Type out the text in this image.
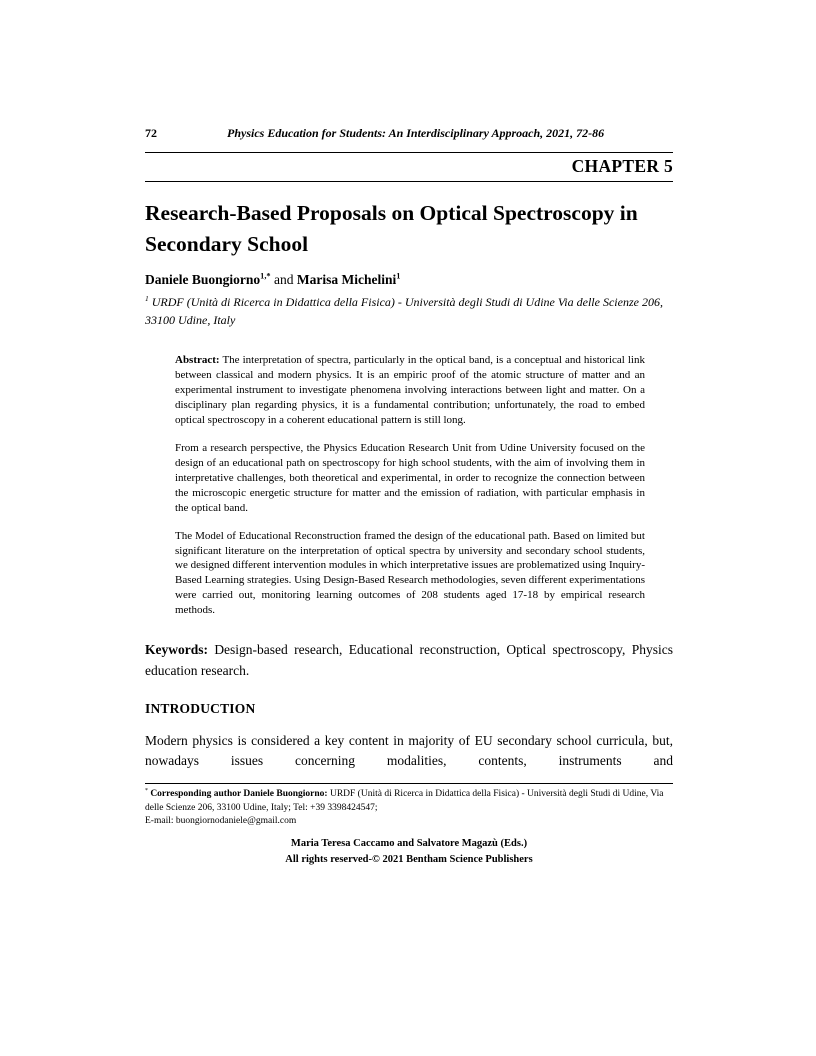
72	Physics Education for Students: An Interdisciplinary Approach, 2021, 72-86
CHAPTER 5
Research-Based Proposals on Optical Spectroscopy in Secondary School
Daniele Buongiorno$^{1,*}$ and Marisa Michelini$^1$

$^1$ URDF (Unità di Ricerca in Didattica della Fisica) - Università degli Studi di Udine Via delle Scienze 206, 33100 Udine, Italy

Abstract: The interpretation of spectra, particularly in the optical band, is a conceptual and historical link between classical and modern physics. It is an empiric proof of the atomic structure of matter and an experimental instrument to investigate phenomena involving interactions between light and matter. On a disciplinary plan regarding physics, it is a fundamental contribution; unfortunately, the road to embed optical spectroscopy in a coherent educational pattern is still long.

From a research perspective, the Physics Education Research Unit from Udine University focused on the design of an educational path on spectroscopy for high school students, with the aim of involving them in interpretative challenges, both theoretical and experimental, in order to recognize the connection between the microscopic energetic structure for matter and the emission of radiation, with particular emphasis in the optical band.

The Model of Educational Reconstruction framed the design of the educational path. Based on limited but significant literature on the interpretation of optical spectra by university and secondary school students, we designed different intervention modules in which interpretative issues are problematized using Inquiry-Based Learning strategies. Using Design-Based Research methodologies, seven different experimentations were carried out, monitoring learning outcomes of 208 students aged 17-18 by empirical research methods.

Keywords: Design-based research, Educational reconstruction, Optical spectroscopy, Physics education research.

INTRODUCTION

Modern physics is considered a key content in majority of EU secondary school curricula, but, nowadays issues concerning modalities, contents, instruments and

* Corresponding author Daniele Buongiorno: URDF (Unità di Ricerca in Didattica della Fisica) - Università degli Studi di Udine, Via delle Scienze 206, 33100 Udine, Italy; Tel: +39 3398424547;
E-mail: buongiornodaniele@gmail.com
Maria Teresa Caccamo and Salvatore Magazù (Eds.)
All rights reserved-© 2021 Bentham Science Publishers
